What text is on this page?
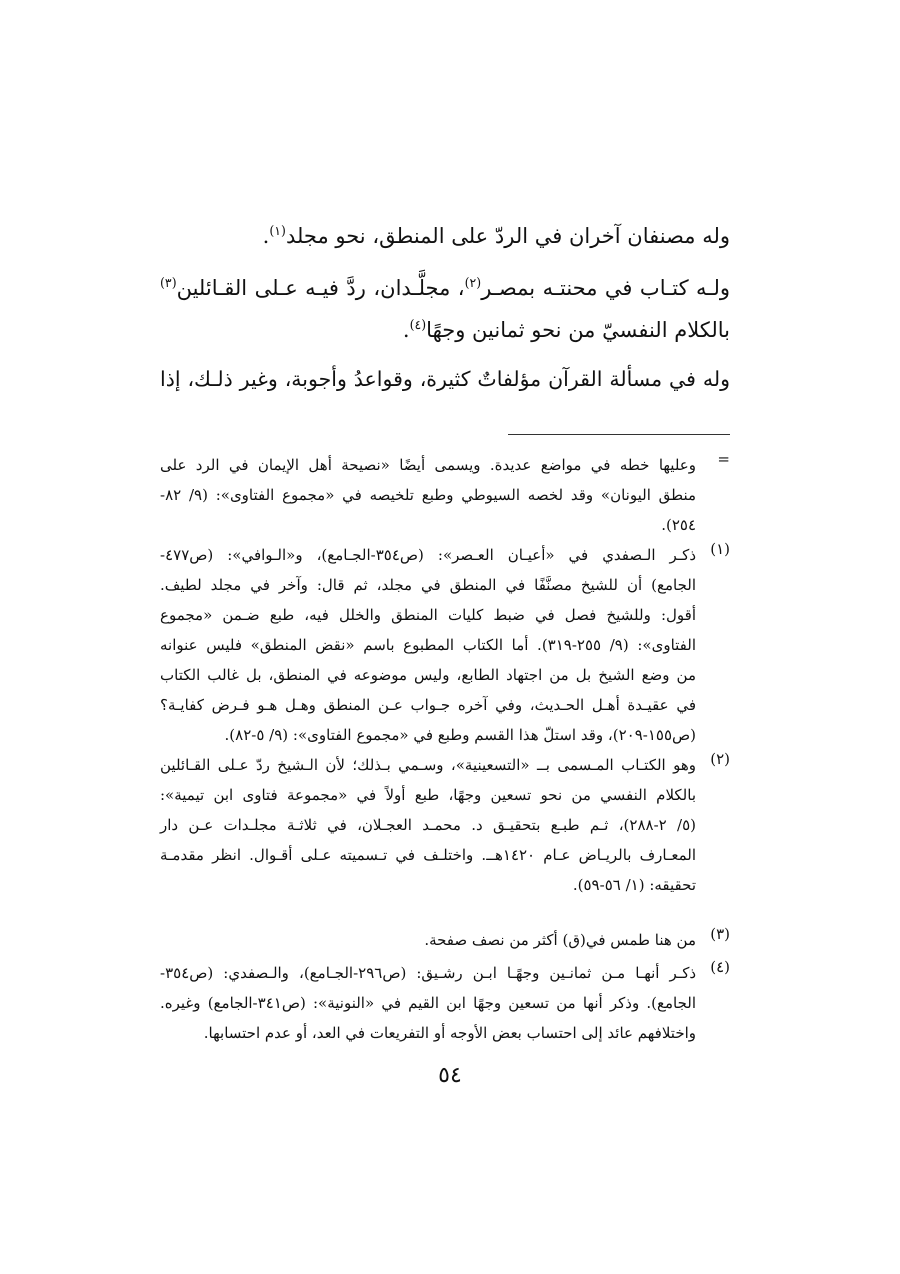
وله مصنفان آخران في الردّ على المنطق، نحو مجلد$^{(١)}$.
ولـه كتـاب في محنتـه بمصـر$^{(٢)}$، مجلَّـدان، ردَّ فيـه عـلى القـائلين$^{(٣)}$
بالكلام النفسيّ من نحو ثمانين وجهًا$^{(٤)}$.
وله في مسألة القرآن مؤلفاتٌ كثيرة، وقواعدُ وأجوبة، وغير ذلـك، إذا
=
وعليها خطه في مواضع عديدة. ويسمى أيضًا «نصيحة أهل الإيمان في الرد على
منطق اليونان» وقد لخصه السيوطي وطبع تلخيصه في «مجموع الفتاوى»: (٩/ ٨٢-
٢٥٤).
(١)
ذكـر الـصفدي في «أعيـان العـصر»: (ص٣٥٤-الجـامع)، و«الـوافي»: (ص٤٧٧-
الجامع) أن للشيخ مصنَّفًا في المنطق في مجلد، ثم قال: وآخر في مجلد لطيف.
أقول: وللشيخ فصل في ضبط كليات المنطق والخلل فيه، طبع ضـمن «مجموع
الفتاوى»: (٩/ ٢٥٥-٣١٩). أما الكتاب المطبوع باسم «نقض المنطق» فليس عنوانه
من وضع الشيخ بل من اجتهاد الطابع، وليس موضوعه في المنطق، بل غالب الكتاب
في عقيـدة أهـل الحـديث، وفي آخره جـواب عـن المنطق وهـل هـو فـرض كفايـة؟
(ص١٥٥-٢٠٩)، وقد استلّ هذا القسم وطبع في «مجموع الفتاوى»: (٩/ ٥-٨٢).
(٢)
وهو الكتـاب المـسمى بــ «التسعينية»، وسـمي بـذلك؛ لأن الـشيخ ردّ عـلى القـائلين
بالكلام النفسي من نحو تسعين وجهًا، طبع أولاً في «مجموعة فتاوى ابن تيمية»:
(٥/ ٢-٢٨٨)، ثـم طبـع بتحقيـق د. محمـد العجـلان، في ثلاثـة مجلـدات عـن دار
المعـارف بالريـاض عـام ١٤٢٠هــ. واختلـف في تـسميته عـلى أقـوال. انظر مقدمـة
تحقيقه: (١/ ٥٦-٥٩).
(٣)
من هنا طمس في(ق) أكثر من نصف صفحة.
(٤)
ذكـر أنهـا مـن ثمانـين وجهًـا ابـن رشـيق: (ص٢٩٦-الجـامع)، والـصفدي: (ص٣٥٤-
الجامع). وذكر أنها من تسعين وجهًا ابن القيم في «النونية»: (ص٣٤١-الجامع) وغيره.
واختلافهم عائد إلى احتساب بعض الأوجه أو التفريعات في العد، أو عدم احتسابها.
٥٤
